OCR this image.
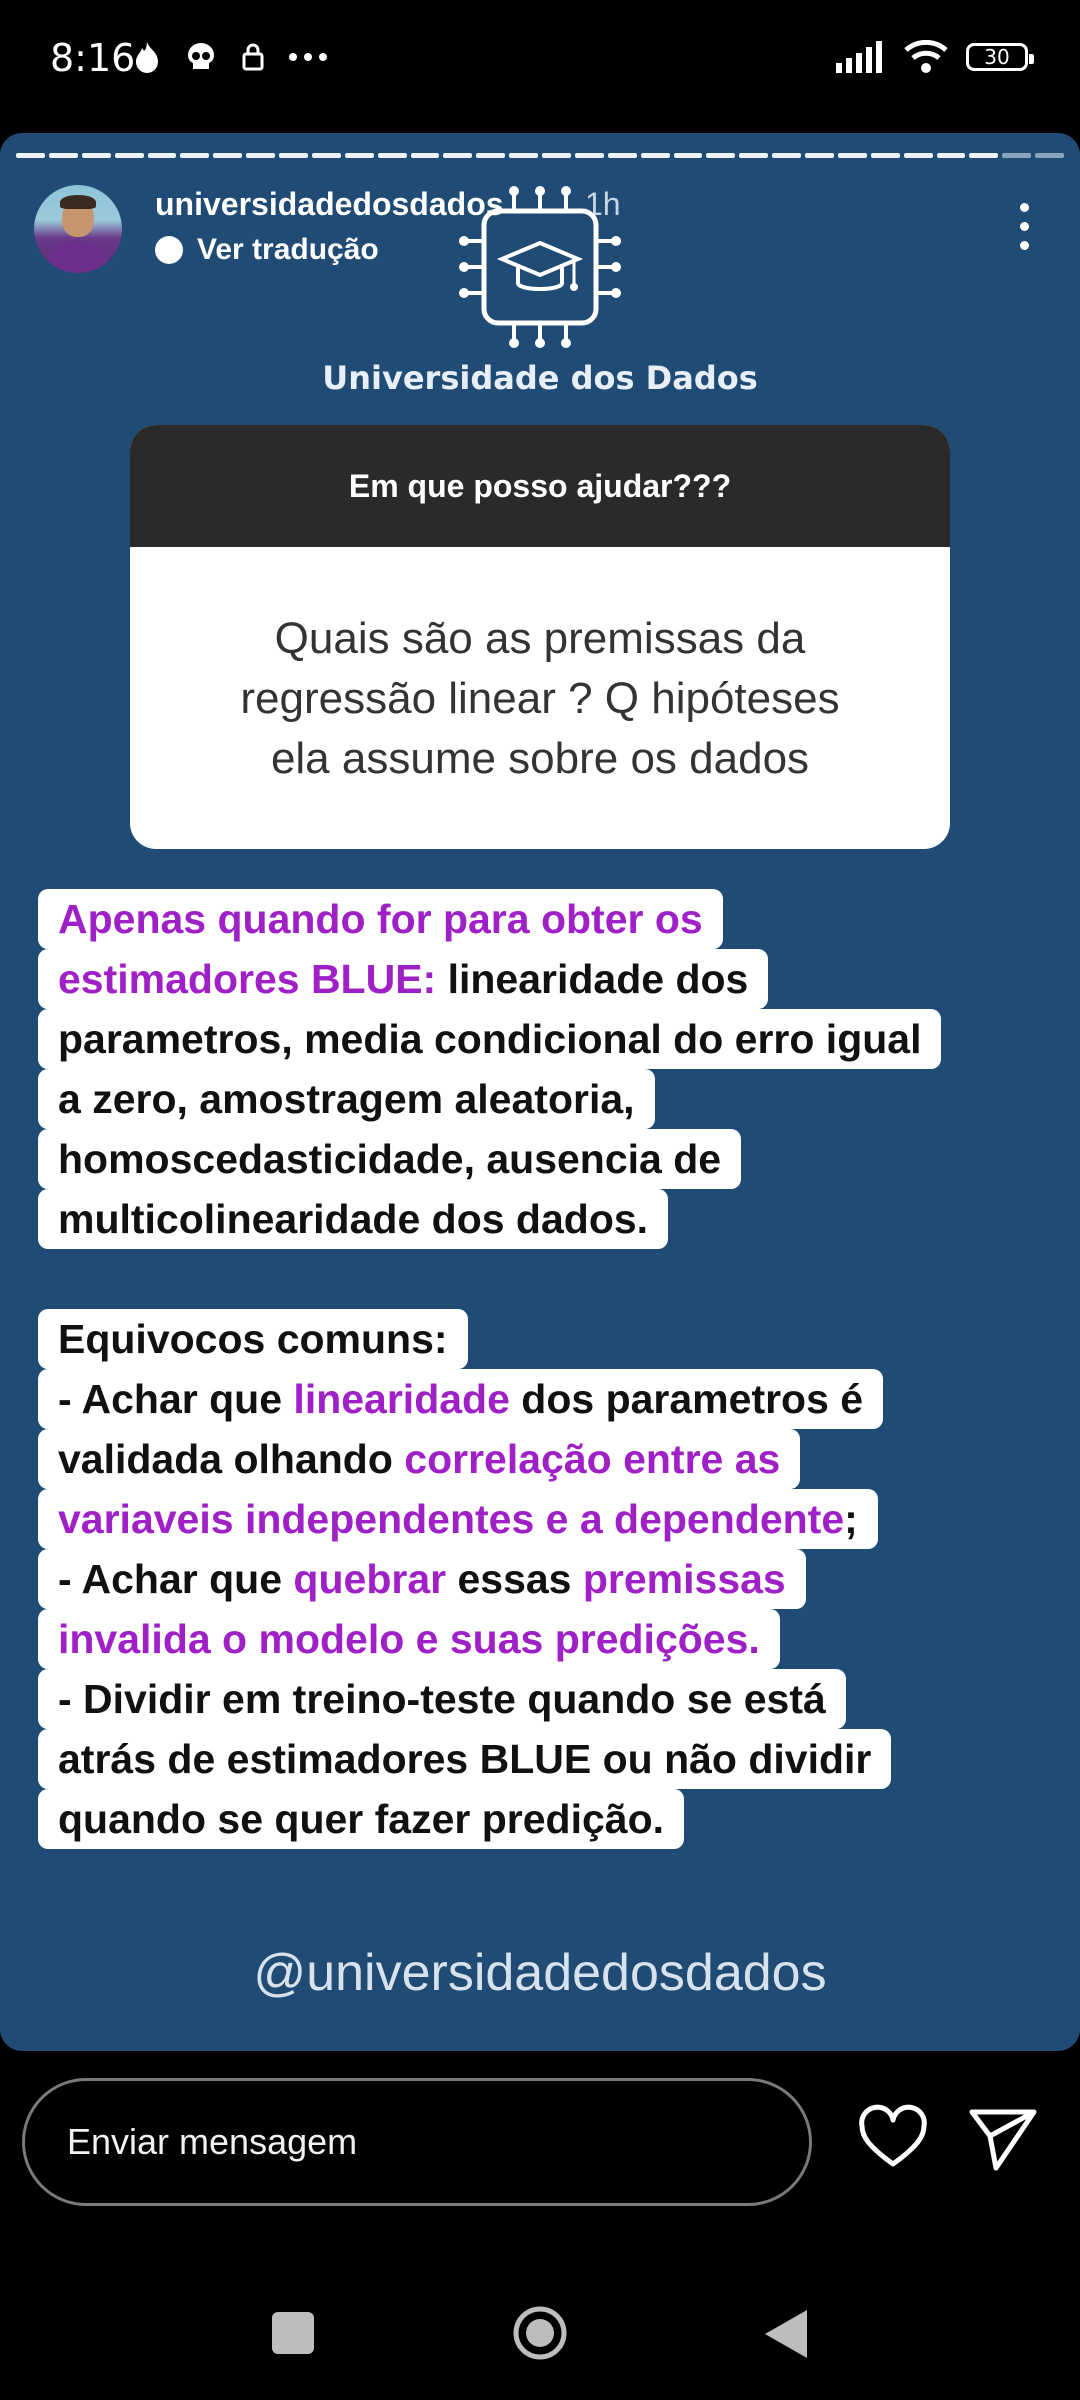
8:16	30
universidadedosdados	1h
Ver tradução
Universidade dos Dados
Em que posso ajudar???
Quais são as premissas da
regressão linear ? Q hipóteses
ela assume sobre os dados
Apenas quando for para obter os
estimadores BLUE: linearidade dos
parametros, media condicional do erro igual
a zero, amostragem aleatoria,
homoscedasticidade, ausencia de
multicolinearidade dos dados.
Equivocos comuns:
- Achar que linearidade dos parametros é
validada olhando correlação entre as
variaveis independentes e a dependente;
- Achar que quebrar essas premissas
invalida o modelo e suas predições.
- Dividir em treino-teste quando se está
atrás de estimadores BLUE ou não dividir
quando se quer fazer predição.
@universidadedosdados
Enviar mensagem
